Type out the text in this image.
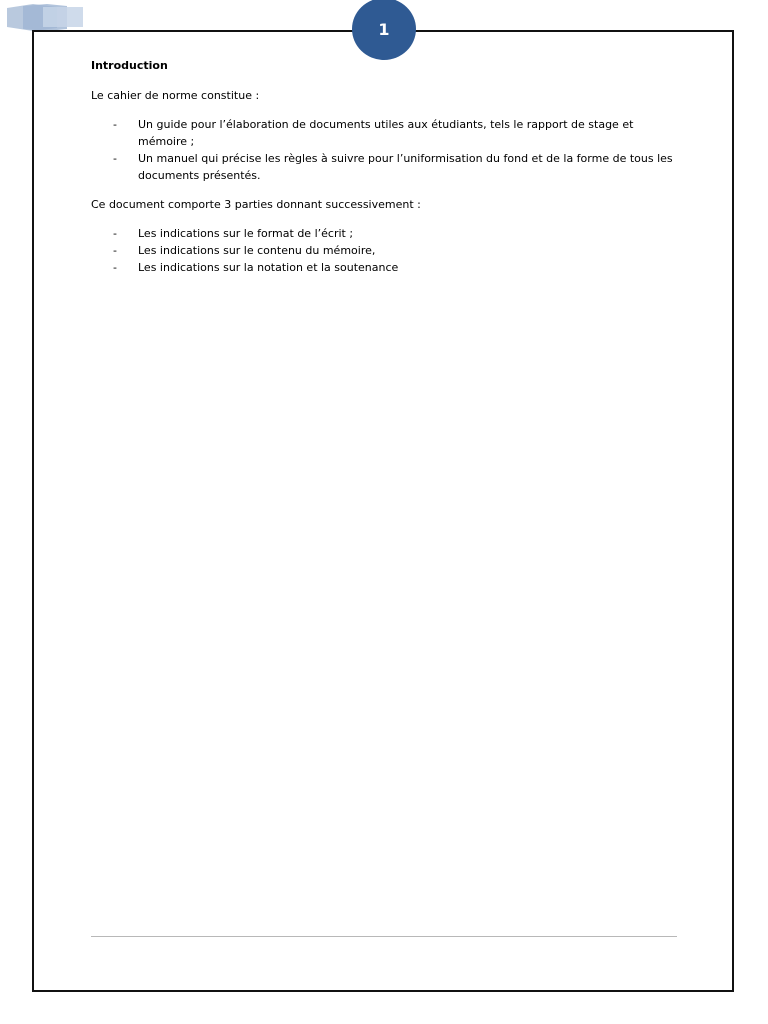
1
Introduction

Le cahier de norme constitue :

- Un guide pour l’élaboration de documents utiles aux étudiants, tels le rapport de stage et mémoire ;
- Un manuel qui précise les règles à suivre pour l’uniformisation du fond et de la forme de tous les documents présentés.

Ce document comporte 3 parties donnant successivement :

- Les indications sur le format de l’écrit ;
- Les indications sur le contenu du mémoire,
- Les indications sur la notation et la soutenance
